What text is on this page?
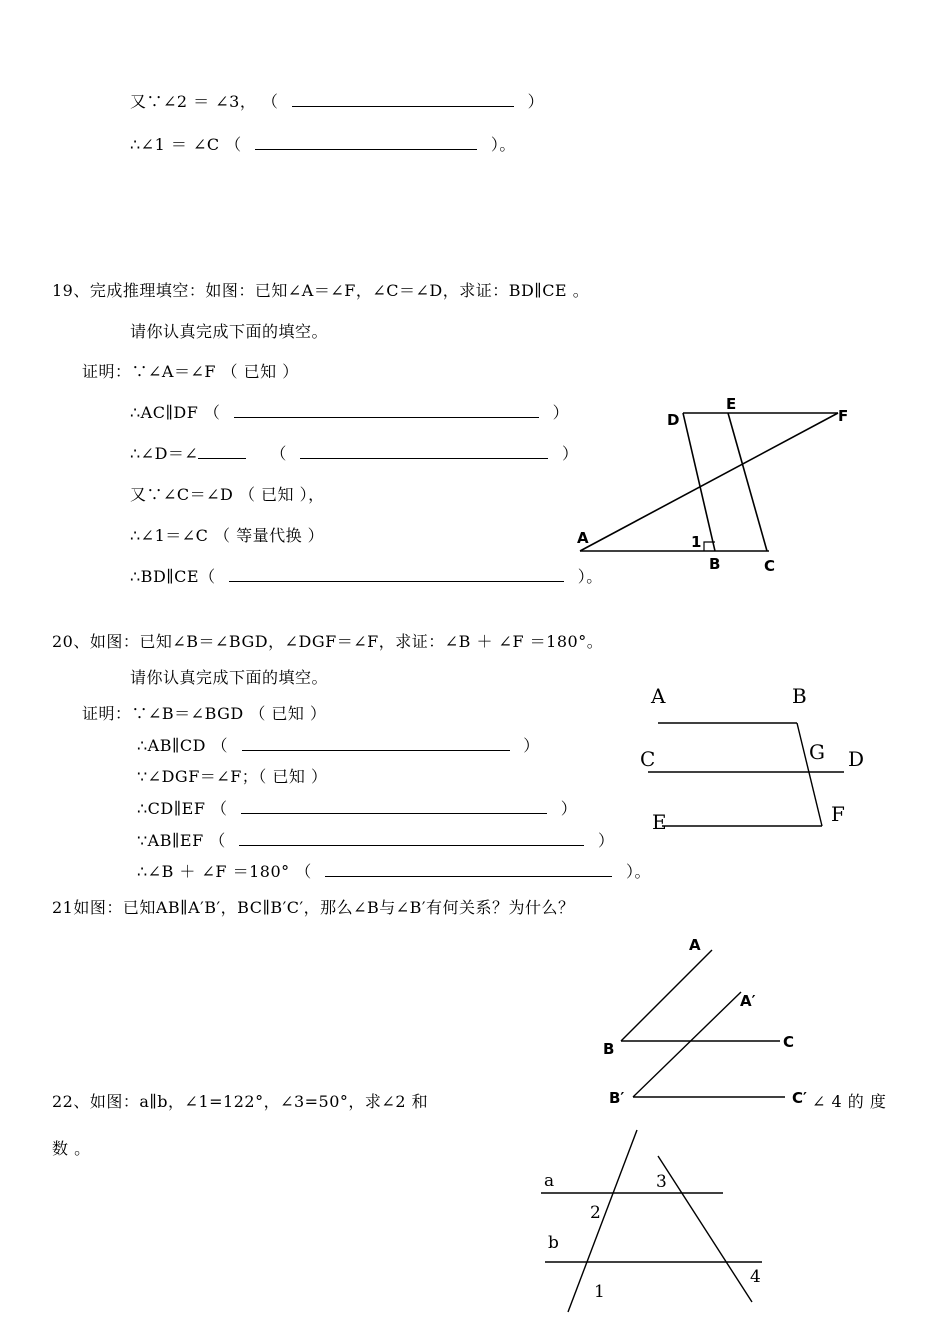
又∵∠2 ＝ ∠3， （	）
∴∠1 ＝ ∠C （	）。
19、完成推理填空：如图：已知∠A＝∠F，∠C＝∠D，求证：BD∥CE 。
请你认真完成下面的填空。
证明：∵∠A＝∠F （ 已知 ）
∴AC∥DF （	）
∴∠D＝∠	（	）
又∵∠C＝∠D （ 已知 ），
∴∠1＝∠C （ 等量代换 ）
∴BD∥CE（	）。
D
E
F
A	1
B	C
20、如图：已知∠B＝∠BGD，∠DGF＝∠F，求证：∠B ＋ ∠F ＝180°。
请你认真完成下面的填空。
证明：∵∠B＝∠BGD （ 已知 ）
∴AB∥CD （	）
∵∠DGF＝∠F；（ 已知 ）
∴CD∥EF （	）
∵AB∥EF （	）
∴∠B ＋ ∠F ＝180° （	）。
A	B
C	G D
E	F
21如图：已知AB∥A′B′，BC∥B′C′，那么∠B与∠B′有何关系？为什么？
A
A′
B	C
B′	C′
22、如图：a∥b，∠1=122°，∠3=50°，求∠2 和	∠ 4 的 度
数 。
a	3
2
b
4
1
